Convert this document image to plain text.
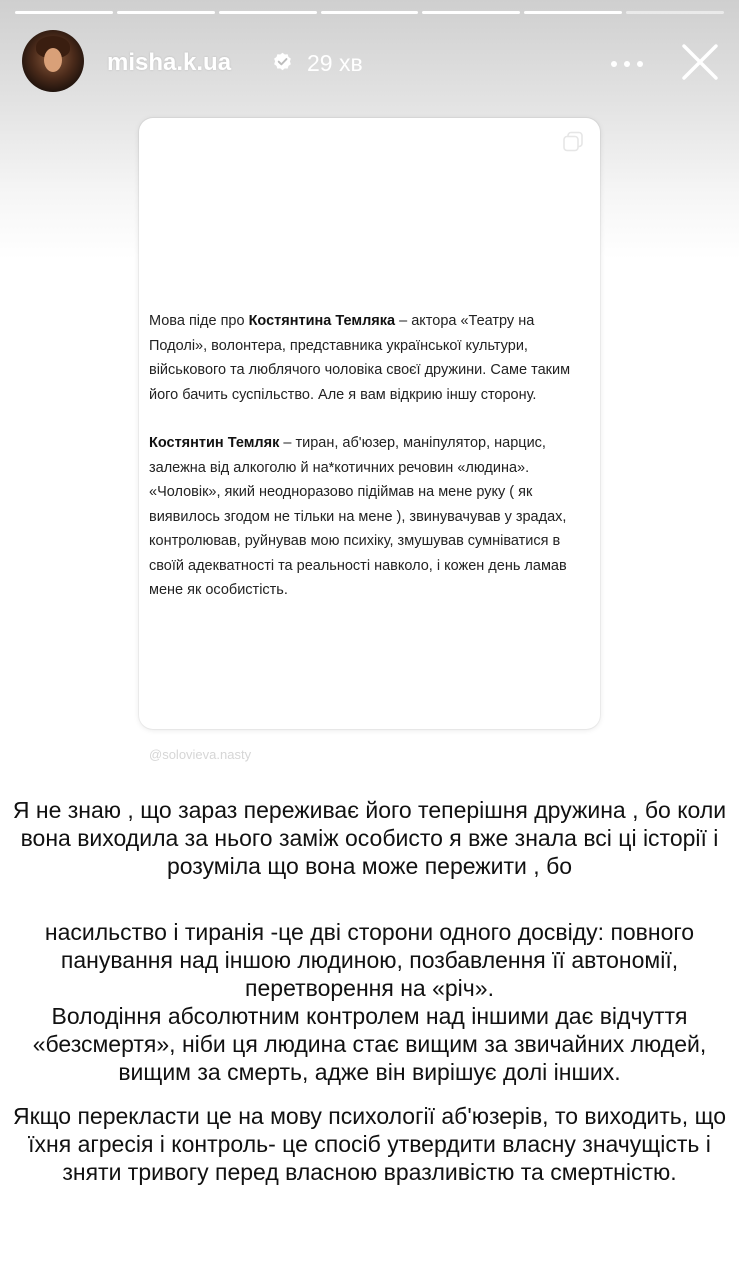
misha.k.ua	29 хв

Мова піде про Костянтина Темляка – актора «Театру на Подолі», волонтера, представника української культури, військового та люблячого чоловіка своєї дружини. Саме таким його бачить суспільство. Але я вам відкрию іншу сторону.

Костянтин Темляк – тиран, аб'юзер, маніпулятор, нарцис, залежна від алкоголю й на*котичних речовин «людина». «Чоловік», який неодноразово підіймав на мене руку ( як виявилось згодом не тільки на мене ), звинувачував у зрадах, контролював, руйнував мою психіку, змушував сумніватися в своїй адекватності та реальності навколо, і кожен день ламав мене як особистість.

@solovieva.nasty

Я не знаю , що зараз переживає його теперішня дружина , бо коли вона виходила за нього заміж особисто я вже знала всі ці історії і розуміла що вона може пережити , бо

насильство і тиранія -це дві сторони одного досвіду: повного панування над іншою людиною, позбавлення її автономії, перетворення на «річ».

Володіння абсолютним контролем над іншими дає відчуття «безсмертя», ніби ця людина стає вищим за звичайних людей, вищим за смерть, адже він вирішує долі інших.

Якщо перекласти це на мову психології аб'юзерів, то виходить, що їхня агресія і контроль- це спосіб утвердити власну значущість і зняти тривогу перед власною вразливістю та смертністю.
